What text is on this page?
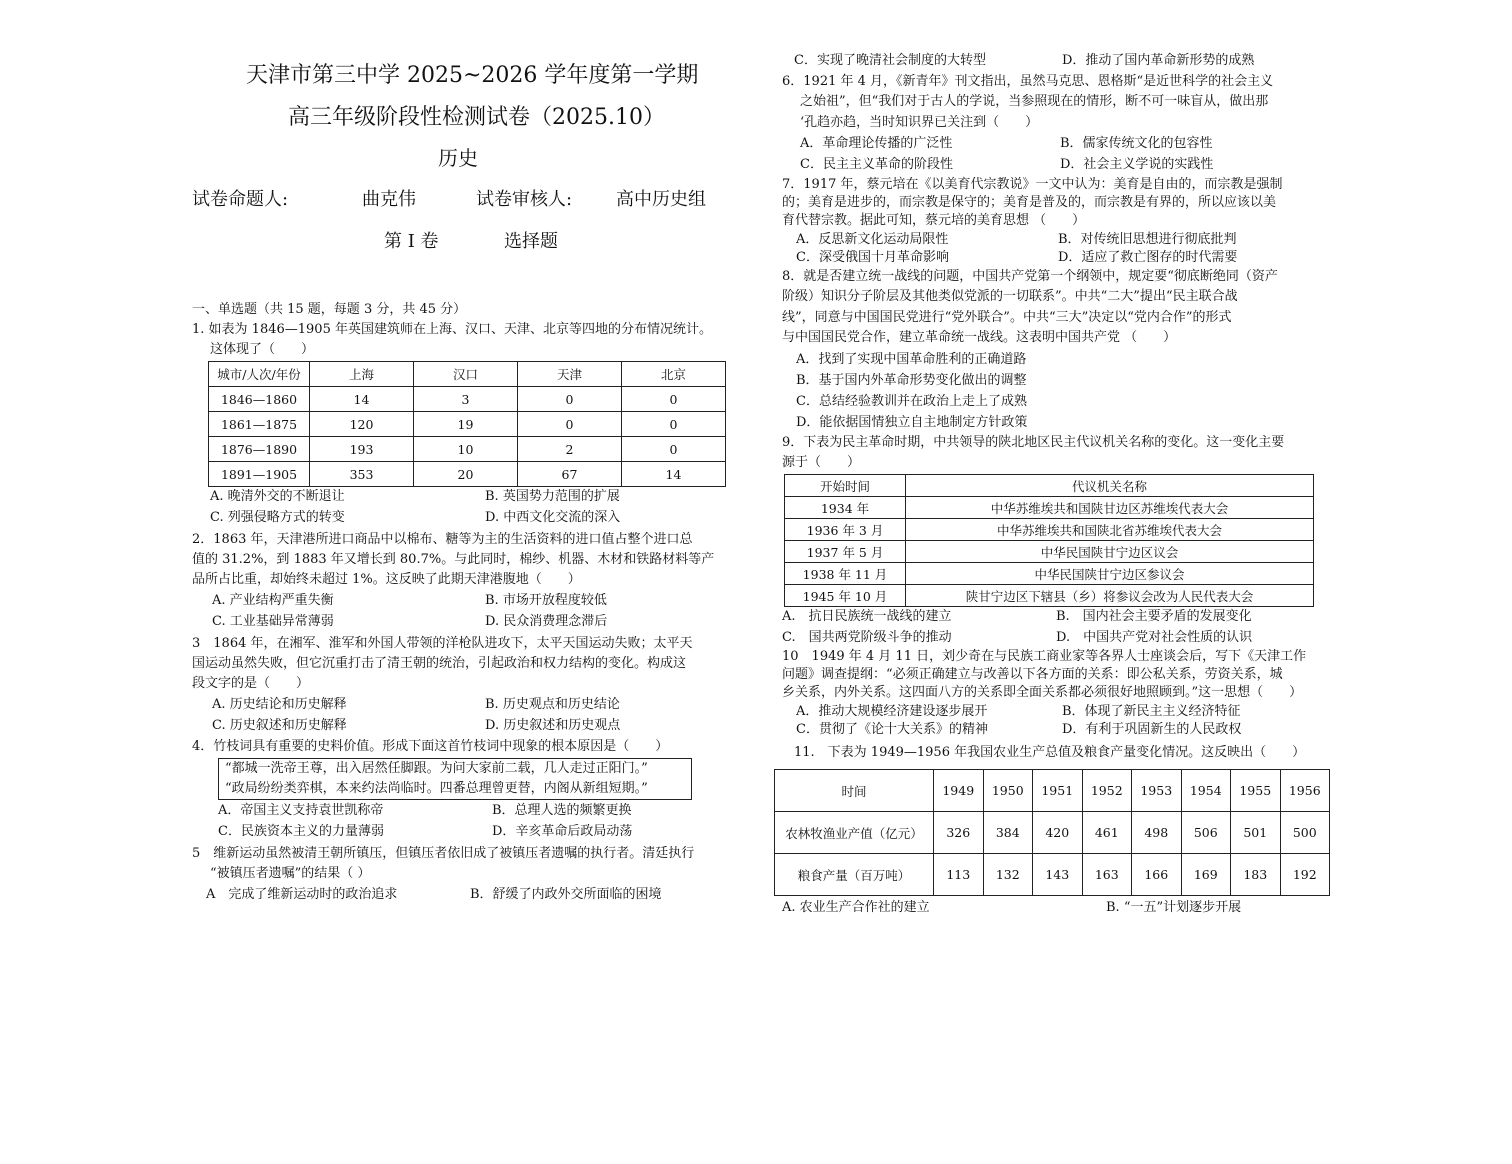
天津市第三中学 2025~2026 学年度第一学期
高三年级阶段性检测试卷（2025.10）
历史
试卷命题人:	曲克伟	试卷审核人: 高中历史组
第 I 卷	选择题
一、单选题（共 15 题，每题 3 分，共 45 分）
1. 如表为 1846—1905 年英国建筑师在上海、汉口、天津、北京等四地的分布情况统计。
这体现了（　　）
城市/人次/年份	上海	汉口	天津	北京
1846—1860	14	3	0	0
1861—1875	120	19	0	0
1876—1890	193	10	2	0
1891—1905	353	20	67	14
A. 晚清外交的不断退让	B. 英国势力范围的扩展
C. 列强侵略方式的转变	D. 中西文化交流的深入
2．1863 年，天津港所进口商品中以棉布、糖等为主的生活资料的进口值占整个进口总
值的 31.2%，到 1883 年又增长到 80.7%。与此同时，棉纱、机器、木材和铁路材料等产
品所占比重，却始终未超过 1%。这反映了此期天津港腹地（　　）
A. 产业结构严重失衡	B. 市场开放程度较低
C. 工业基础异常薄弱	D. 民众消费理念滞后
3　1864 年，在湘军、淮军和外国人带领的洋枪队进攻下，太平天国运动失败；太平天
国运动虽然失败，但它沉重打击了清王朝的统治，引起政治和权力结构的变化。构成这
段文字的是（　　）
A. 历史结论和历史解释	B. 历史观点和历史结论
C. 历史叙述和历史解释	D. 历史叙述和历史观点
4．竹枝词具有重要的史料价值。形成下面这首竹枝词中现象的根本原因是（　　）
“都城一洗帝王尊，出入居然任脚跟。为问大家前二载，几人走过正阳门。”
“政局纷纷类弈棋，本来约法尚临时。四番总理曾更替，内阁从新组短期。”
A．帝国主义支持袁世凯称帝	B．总理人选的频繁更换
C．民族资本主义的力量薄弱	D．辛亥革命后政局动荡
5　维新运动虽然被清王朝所镇压，但镇压者依旧成了被镇压者遗嘱的执行者。清廷执行
“被镇压者遗嘱”的结果（ ）
A　完成了维新运动时的政治追求	B．舒缓了内政外交所面临的困境
C．实现了晚清社会制度的大转型	D．推动了国内革命新形势的成熟
6．1921 年 4 月，《新青年》刊文指出，虽然马克思、恩格斯“是近世科学的社会主义
之始祖”，但“我们对于古人的学说，当参照现在的情形，断不可一味盲从，做出那
‘孔趋亦趋，当时知识界已关注到（　　）
A．革命理论传播的广泛性	B．儒家传统文化的包容性
C．民主主义革命的阶段性	D．社会主义学说的实践性
7．1917 年，蔡元培在《以美育代宗教说》一文中认为：美育是自由的，而宗教是强制
的；美育是进步的，而宗教是保守的；美育是普及的，而宗教是有界的，所以应该以美
育代替宗教。据此可知，蔡元培的美育思想 （　　）
A．反思新文化运动局限性	B．对传统旧思想进行彻底批判
C．深受俄国十月革命影响	D．适应了救亡图存的时代需要
8．就是否建立统一战线的问题，中国共产党第一个纲领中，规定要“彻底断绝同（资产
阶级）知识分子阶层及其他类似党派的一切联系”。中共“二大”提出“民主联合战
线”，同意与中国国民党进行“党外联合”。中共“三大”决定以“党内合作”的形式
与中国国民党合作，建立革命统一战线。这表明中国共产党 （　　）
A．找到了实现中国革命胜利的正确道路
B．基于国内外革命形势变化做出的调整
C．总结经验教训并在政治上走上了成熟
D．能依据国情独立自主地制定方针政策
9．下表为民主革命时期，中共领导的陕北地区民主代议机关名称的变化。这一变化主要
源于（　　）
开始时间	代议机关名称
1934 年	中华苏维埃共和国陕甘边区苏维埃代表大会
1936 年 3 月	中华苏维埃共和国陕北省苏维埃代表大会
1937 年 5 月	中华民国陕甘宁边区议会
1938 年 11 月	中华民国陕甘宁边区参议会
1945 年 10 月	陕甘宁边区下辖县（乡）将参议会改为人民代表大会
A.　抗日民族统一战线的建立	B.　国内社会主要矛盾的发展变化
C.　国共两党阶级斗争的推动	D.　中国共产党对社会性质的认识
10　1949 年 4 月 11 日，刘少奇在与民族工商业家等各界人士座谈会后，写下《天津工作
问题》调查提纲：“必须正确建立与改善以下各方面的关系：即公私关系，劳资关系，城
乡关系，内外关系。这四面八方的关系即全面关系都必须很好地照顾到。”这一思想（　　）
A．推动大规模经济建设逐步展开	B．体现了新民主主义经济特征
C．贯彻了《论十大关系》的精神	D．有利于巩固新生的人民政权
11.　下表为 1949—1956 年我国农业生产总值及粮食产量变化情况。这反映出（　　）
时间	1949	1950	1951	1952	1953	1954	1955	1956
农林牧渔业产值（亿元）	326	384	420	461	498	506	501	500
粮食产量（百万吨）	113	132	143	163	166	169	183	192
A. 农业生产合作社的建立	B. “一五”计划逐步开展
